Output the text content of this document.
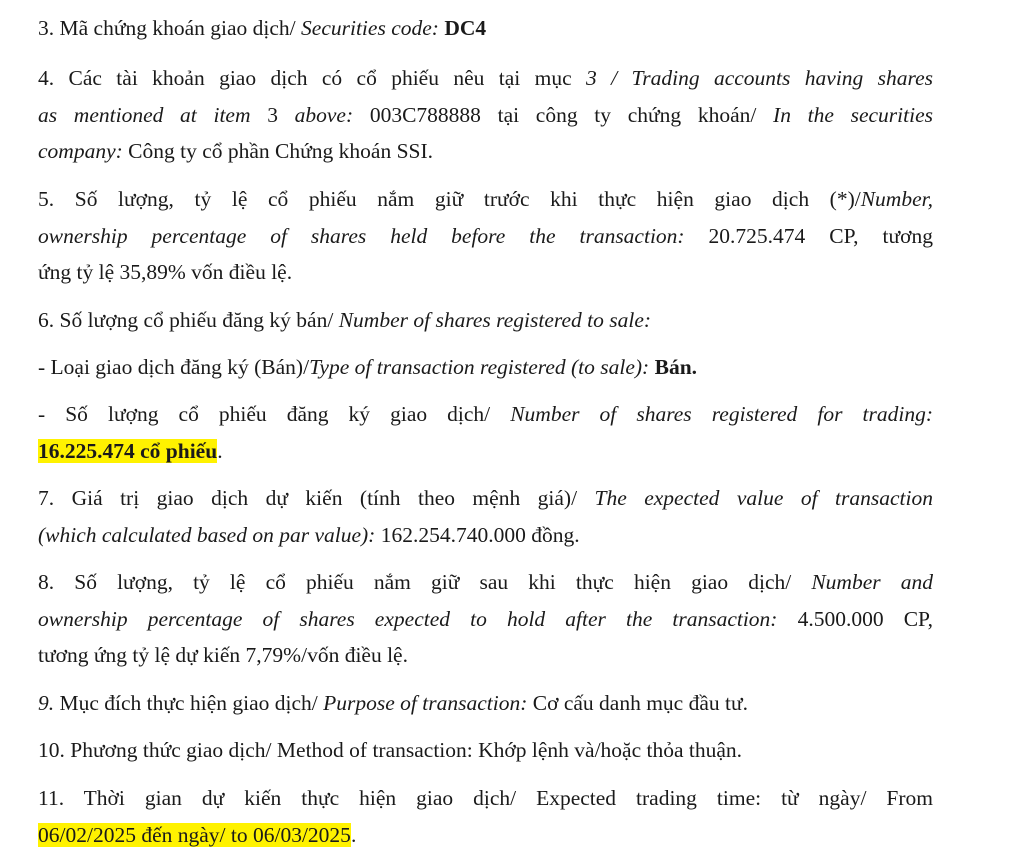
3. Mã chứng khoán giao dịch/ Securities code: DC4

4. Các tài khoản giao dịch có cổ phiếu nêu tại mục 3 / Trading accounts having shares
as mentioned at item 3 above: 003C788888 tại công ty chứng khoán/ In the securities
company: Công ty cổ phần Chứng khoán SSI.

5. Số lượng, tỷ lệ cổ phiếu nắm giữ trước khi thực hiện giao dịch (*)/Number,
ownership percentage of shares held before the transaction: 20.725.474 CP, tương
ứng tỷ lệ 35,89% vốn điều lệ.

6. Số lượng cổ phiếu đăng ký bán/ Number of shares registered to sale:

- Loại giao dịch đăng ký (Bán)/Type of transaction registered (to sale): Bán.

- Số lượng cổ phiếu đăng ký giao dịch/ Number of shares registered for trading:
16.225.474 cổ phiếu.

7. Giá trị giao dịch dự kiến (tính theo mệnh giá)/ The expected value of transaction
(which calculated based on par value): 162.254.740.000 đồng.

8. Số lượng, tỷ lệ cổ phiếu nắm giữ sau khi thực hiện giao dịch/ Number and
ownership percentage of shares expected to hold after the transaction: 4.500.000 CP,
tương ứng tỷ lệ dự kiến 7,79%/vốn điều lệ.

9. Mục đích thực hiện giao dịch/ Purpose of transaction: Cơ cấu danh mục đầu tư.

10. Phương thức giao dịch/ Method of transaction: Khớp lệnh và/hoặc thỏa thuận.

11. Thời gian dự kiến thực hiện giao dịch/ Expected trading time: từ ngày/ From
06/02/2025 đến ngày/ to 06/03/2025.
